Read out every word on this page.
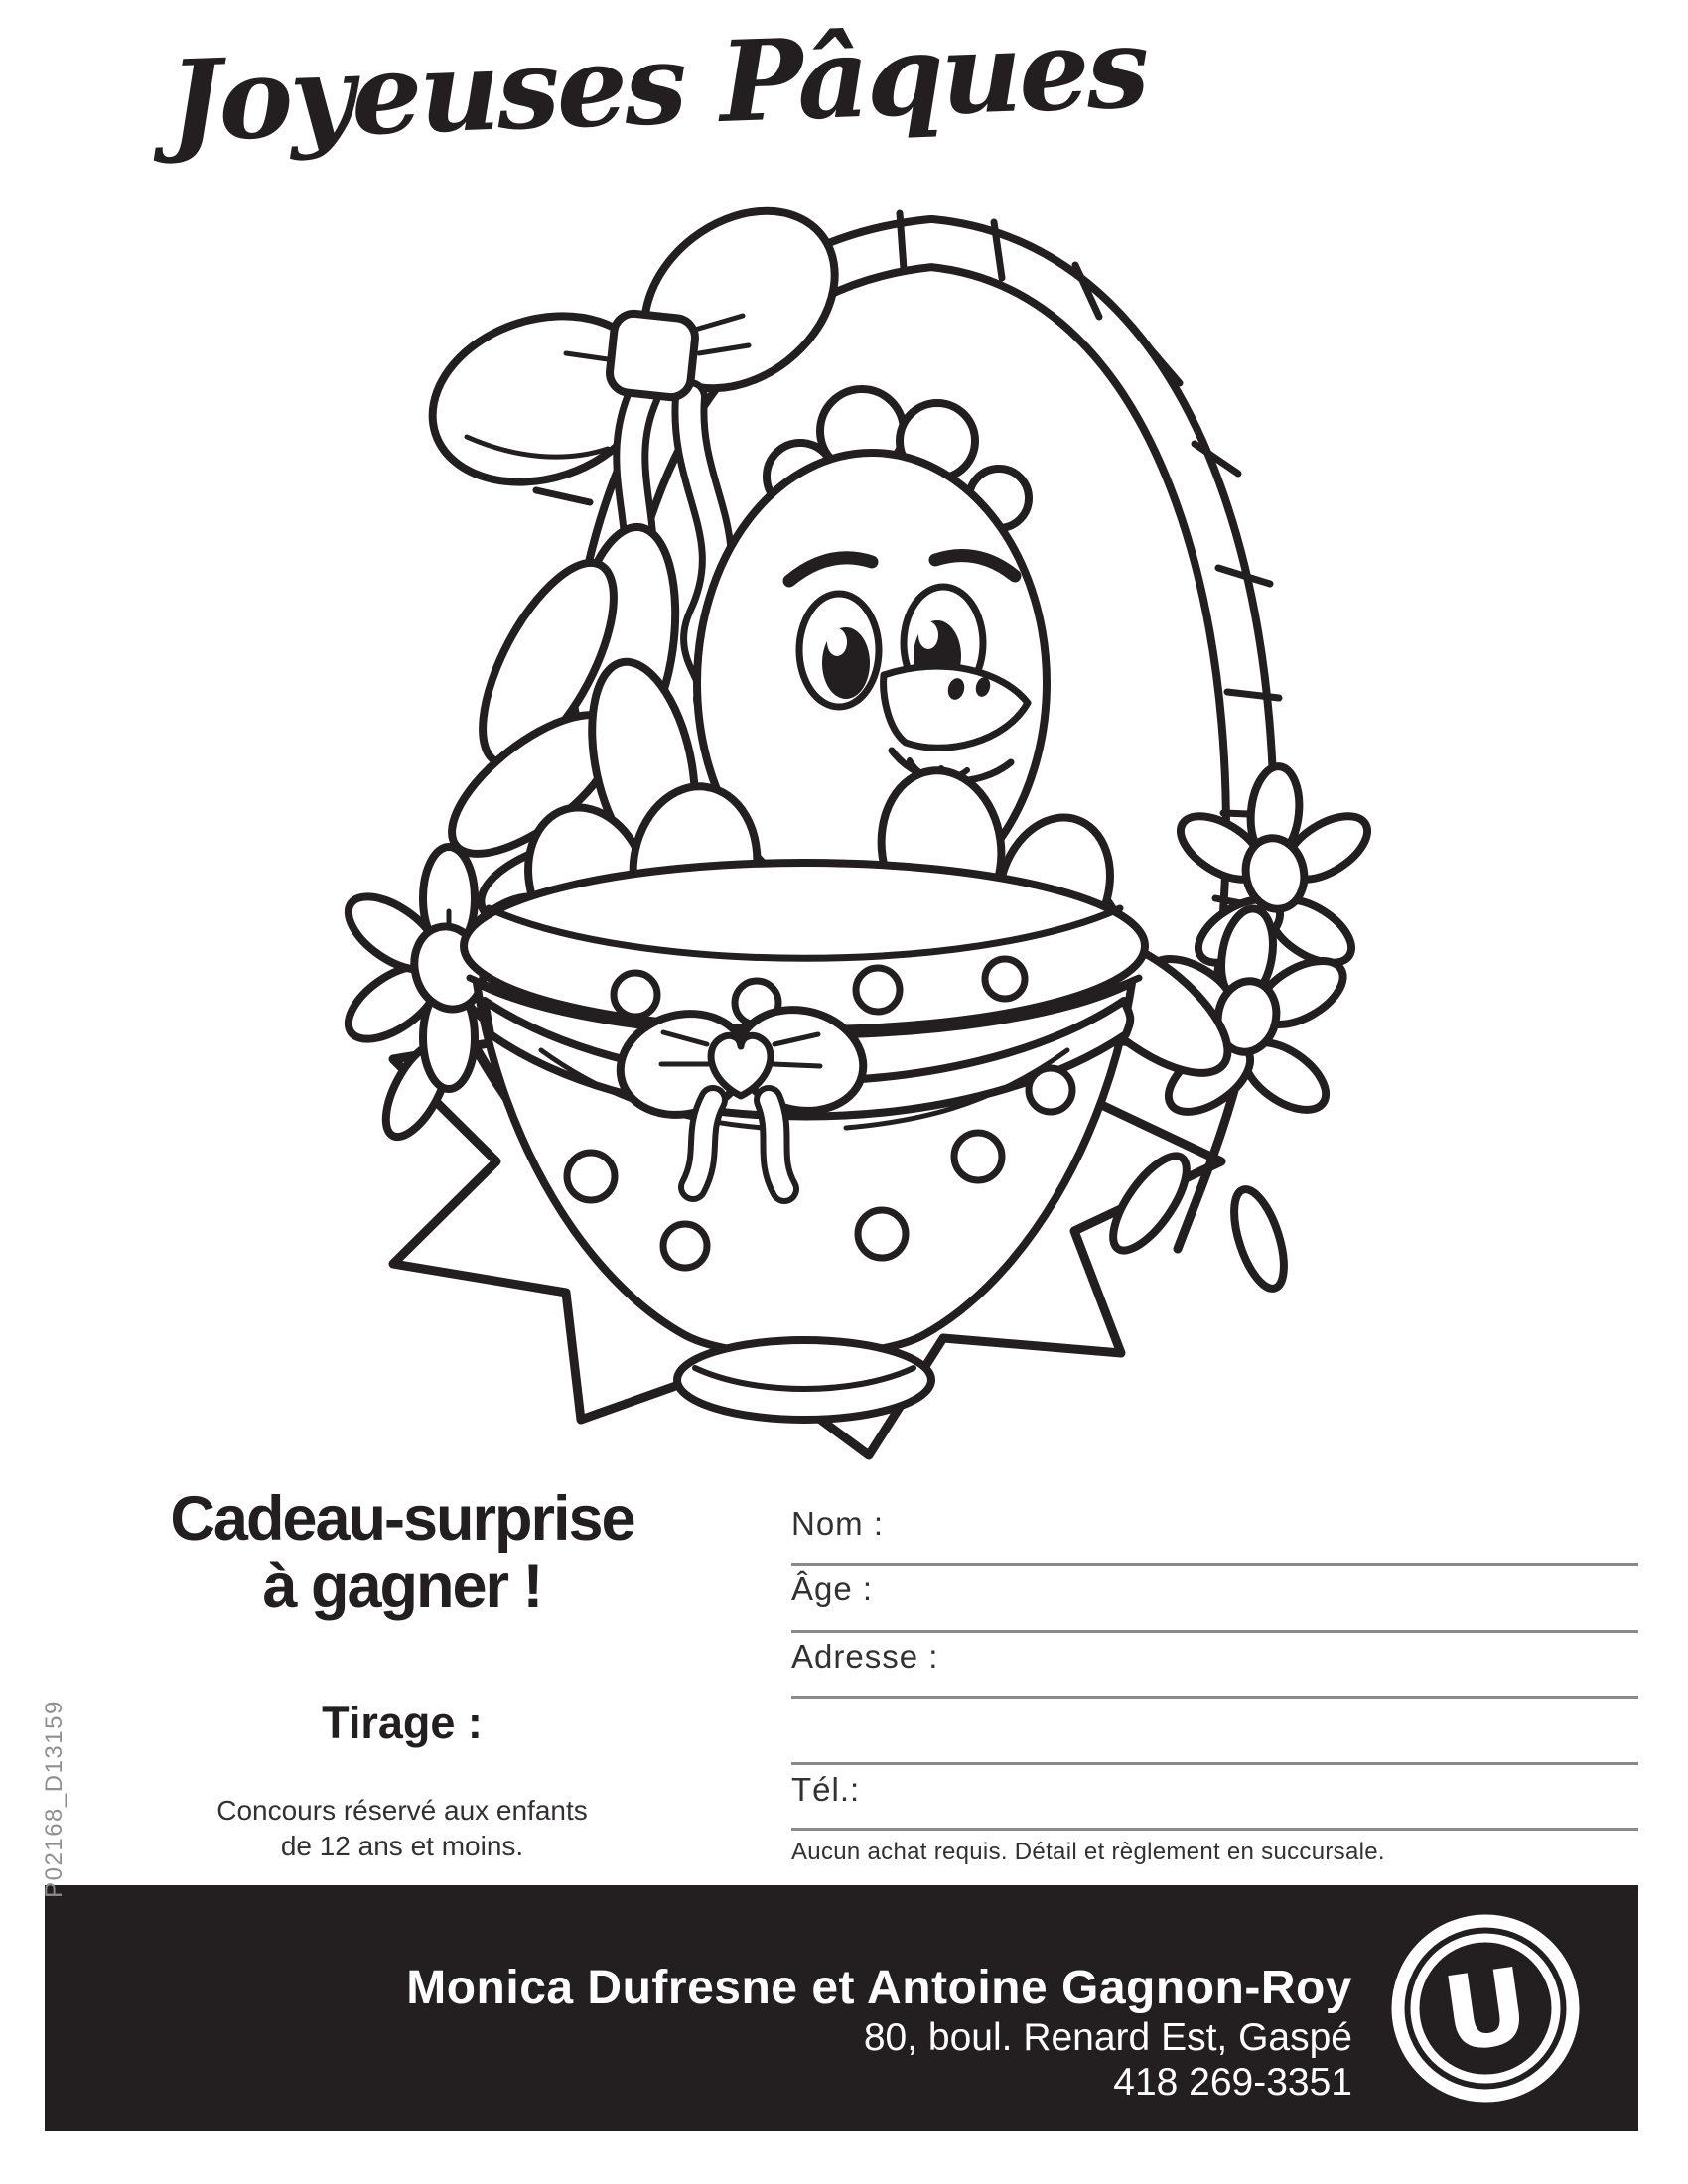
Joyeuses Pâques
Cadeau-surprise
à gagner !
Tirage :
Concours réservé aux enfants
de 12 ans et moins.
Nom :
Âge :
Adresse :
Tél.:
Aucun achat requis. Détail et règlement en succursale.
Monica Dufresne et Antoine Gagnon-Roy
80, boul. Renard Est, Gaspé
418 269-3351
U
P02168_D13159
